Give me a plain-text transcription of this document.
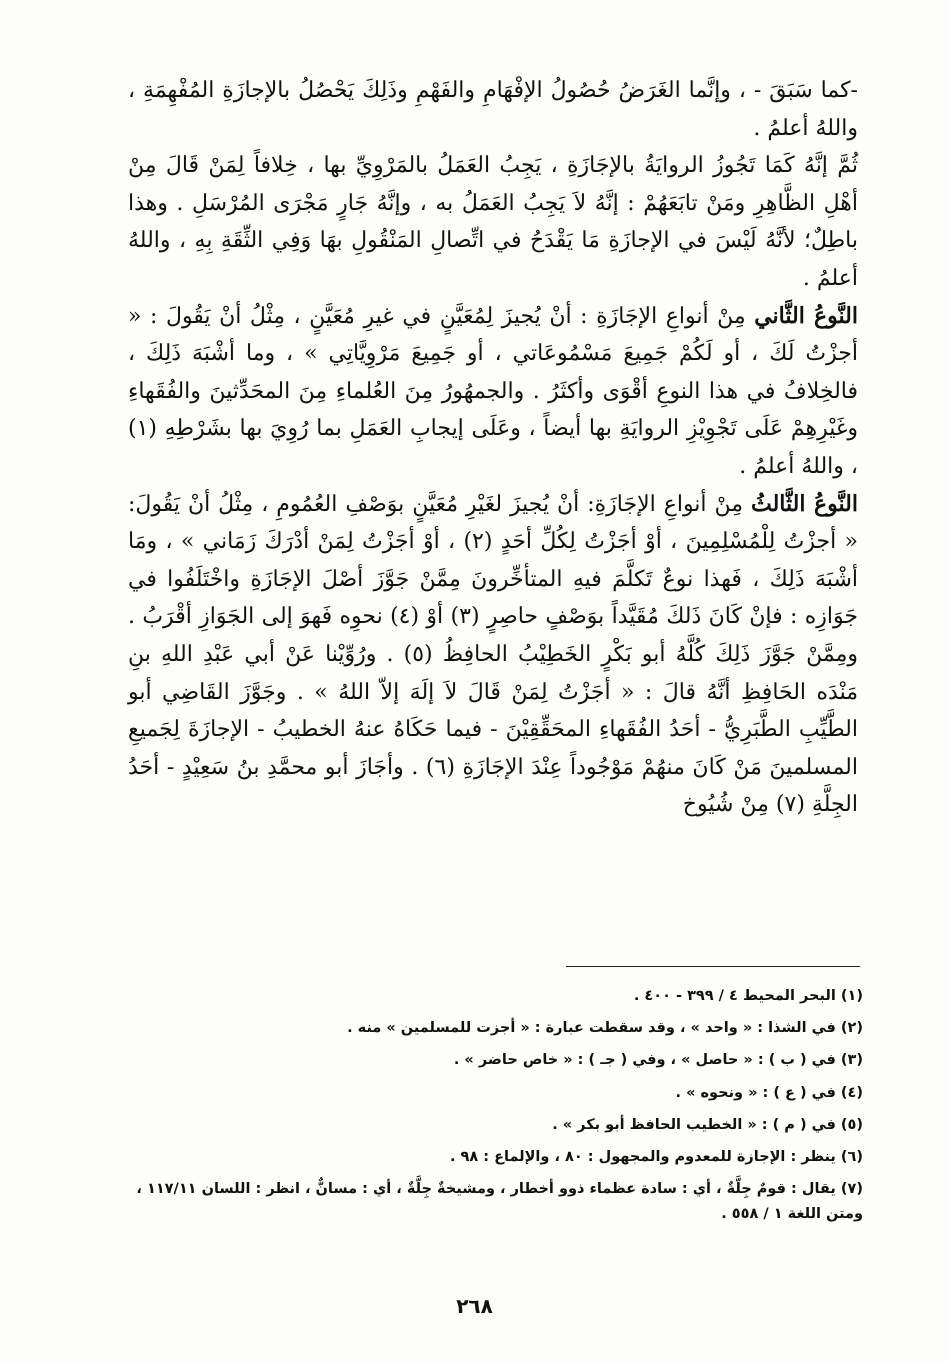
-كما سَبَقَ - ، وإنَّما الغَرَضُ حُصُولُ الإفْهَامِ والفَهْمِ وذَلِكَ يَحْصُلُ بالإجازَةِ المُفْهِمَةِ ، واللهُ أعلمُ .

ثُمَّ إنَّهُ كَمَا تَجُوزُ الروايَةُ بالإجَازَةِ ، يَجِبُ العَمَلُ بالمَرْوِيِّ بها ، خِلافاً لِمَنْ قَالَ مِنْ أهْلِ الظَّاهِرِ ومَنْ تابَعَهُمْ : إنَّهُ لاَ يَجِبُ العَمَلُ به ، وإنَّهُ جَارٍ مَجْرَى المُرْسَلِ . وهذا باطِلٌ؛ لأنَّهُ لَيْسَ في الإجازَةِ مَا يَقْدَحُ في اتِّصالِ المَنْقُولِ بهَا وَفِي الثِّقَةِ بِهِ ، واللهُ أعلمُ .

النَّوعُ الثَّاني مِنْ أنواعِ الإجَازَةِ : أنْ يُجيزَ لِمُعَيَّنٍ في غيرِ مُعَيَّنٍ ، مِثْلُ أنْ يَقُولَ : « أجزْتُ لَكَ ، أو لَكُمْ جَمِيعَ مَسْمُوعَاتي ، أو جَمِيعَ مَرْوِيَّاتِي » ، وما أشْبَهَ ذَلِكَ ، فالخِلافُ في هذا النوعِ أقْوَى وأكثَرُ . والجمهُورُ مِنَ العُلماءِ مِنَ المحَدِّثينَ والفُقَهاءِ وغَيْرِهِمْ عَلَى تَجْوِيْزِ الروايَةِ بها أيضاً ، وعَلَى إيجابِ العَمَلِ بما رُوِيَ بها بشَرْطِهِ (١) ، واللهُ أعلمُ .

النَّوعُ الثَّالثُ مِنْ أنواعِ الإجَازَةِ: أنْ يُجيزَ لغَيْرِ مُعَيَّنٍ بوَصْفِ العُمُومِ ، مِثْلُ أنْ يَقُولَ: « أجزْتُ لِلْمُسْلِمِينَ ، أوْ أجَزْتُ لِكُلِّ أحَدٍ (٢) ، أوْ أجَزْتُ لِمَنْ أدْرَكَ زَمَاني » ، ومَا أشْبَهَ ذَلِكَ ، فَهذا نوعٌ تَكلَّمَ فيهِ المتأخِّرونَ مِمَّنْ جَوَّزَ أصْلَ الإجَازَةِ واخْتَلَفُوا في جَوَازِه : فإنْ كَانَ ذَلكَ مُقَيَّداً بوَصْفٍ حاصِرٍ (٣) أوْ (٤) نحوِه فَهوَ إلى الجَوَازِ أقْرَبُ . ومِمَّنْ جَوَّزَ ذَلِكَ كُلَّهُ أبو بَكْرٍ الخَطِيْبُ الحافِظُ (٥) . ورُوِّيْنا عَنْ أبي عَبْدِ اللهِ بنِ مَنْدَه الحَافِظِ أنَّهُ قالَ : « أجَزْتُ لِمَنْ قَالَ لاَ إلَهَ إلاّ اللهُ » . وجَوَّزَ القَاضِي أبو الطَّيِّبِ الطَّبَرِيُّ - أحَدُ الفُقَهاءِ المحَقِّقِيْنَ - فيما حَكَاهُ عنهُ الخطيبُ - الإجازَةَ لِجَميعِ المسلمينَ مَنْ كَانَ منهُمْ مَوْجُوداً عِنْدَ الإجَازَةِ (٦) . وأجَازَ أبو محمَّدِ بنُ سَعِيْدٍ - أحَدُ الجِلَّةِ (٧) مِنْ شُيُوخ

(١) البحر المحيط ٤ / ٣٩٩ - ٤٠٠ .

(٢) في الشذا : « واحد » ، وقد سقطت عبارة : « أجزت للمسلمين » منه .

(٣) في ( ب ) : « حاصل » ، وفي ( جـ ) : « خاص حاضر » .

(٤) في ( ع ) : « ونحوه » .

(٥) في ( م ) : « الخطيب الحافظ أبو بكر » .

(٦) ينظر : الإجازة للمعدوم والمجهول : ٨٠ ، والإلماع : ٩٨ .

(٧) يقال : قومٌ جِلَّةٌ ، أي : سادة عظماء ذوو أخطار ، ومشيخةٌ جِلَّةٌ ، أي : مسانٌّ ، انظر : اللسان ١١٧/١١ ، ومتن اللغة ١ / ٥٥٨ .

٢٦٨
